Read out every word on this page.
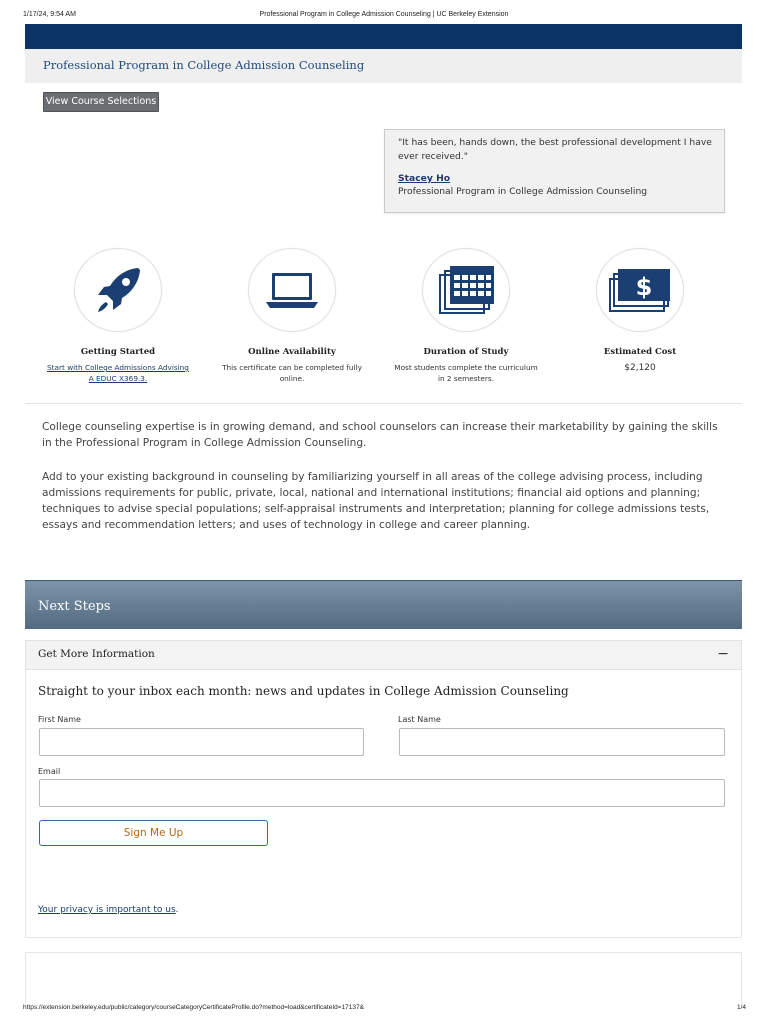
1/17/24, 9:54 AM	Professional Program in College Admission Counseling | UC Berkeley Extension
Professional Program in College Admission Counseling
View Course Selections
"It has been, hands down, the best professional development I have ever received."
Stacey Ho
Professional Program in College Admission Counseling
Getting Started
Start with College Admissions Advising A EDUC X369.3.
Online Availability
This certificate can be completed fully online.
Duration of Study
Most students complete the curriculum in 2 semesters.
$
Estimated Cost
$2,120

College counseling expertise is in growing demand, and school counselors can increase their marketability by gaining the skills in the Professional Program in College Admission Counseling.

Add to your existing background in counseling by familiarizing yourself in all areas of the college advising process, including admissions requirements for public, private, local, national and international institutions; financial aid options and planning; techniques to advise special populations; self-appraisal instruments and interpretation; planning for college admissions tests, essays and recommendation letters; and uses of technology in college and career planning.

Next Steps
Get More Information	−
Straight to your inbox each month: news and updates in College Admission Counseling
First Name	Last Name
Email
Sign Me Up
Your privacy is important to us.
https://extension.berkeley.edu/public/category/courseCategoryCertificateProfile.do?method=load&certificateId=17137&	1/4
